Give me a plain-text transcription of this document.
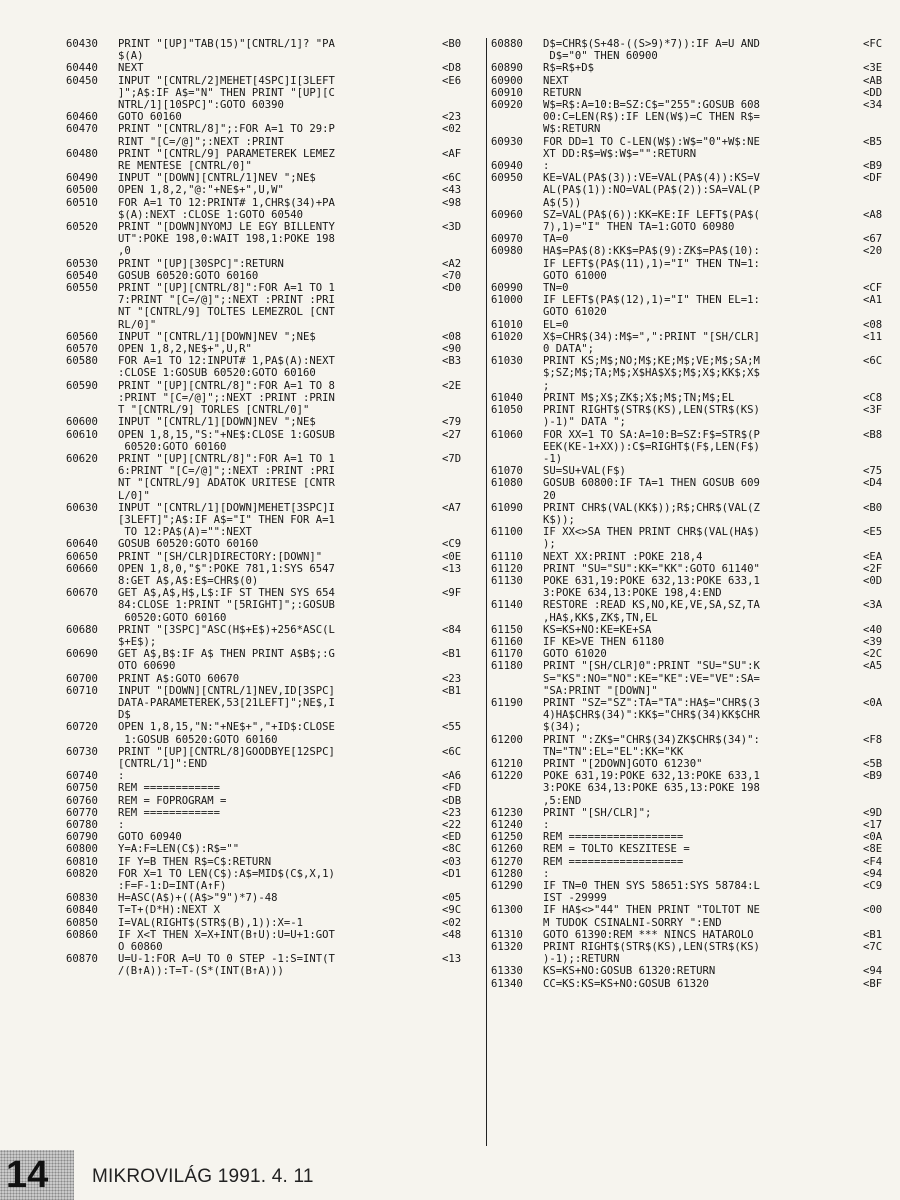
60430	PRINT "[UP]"TAB(15)"[CNTRL/1]? "PA	<B0
$(A)
60440	NEXT	<D8
60450	INPUT "[CNTRL/2]MEHET[4SPC]I[3LEFT	<E6
]";A$:IF A$="N" THEN PRINT "[UP][C
NTRL/1][10SPC]":GOTO 60390
60460	GOTO 60160	<23
60470	PRINT "[CNTRL/8]";:FOR A=1 TO 29:P	<02
RINT "[C=/@]";:NEXT :PRINT
60480	PRINT "[CNTRL/9] PARAMETEREK LEMEZ	<AF
RE MENTESE [CNTRL/0]"
60490	INPUT "[DOWN][CNTRL/1]NEV ";NE$	<6C
60500	OPEN 1,8,2,"@:"+NE$+",U,W"	<43
60510	FOR A=1 TO 12:PRINT# 1,CHR$(34)+PA	<98
$(A):NEXT :CLOSE 1:GOTO 60540
60520	PRINT "[DOWN]NYOMJ LE EGY BILLENTY	<3D
UT":POKE 198,0:WAIT 198,1:POKE 198
,0
60530	PRINT "[UP][30SPC]":RETURN	<A2
60540	GOSUB 60520:GOTO 60160	<70
60550	PRINT "[UP][CNTRL/8]":FOR A=1 TO 1	<D0
7:PRINT "[C=/@]";:NEXT :PRINT :PRI
NT "[CNTRL/9] TOLTES LEMEZROL [CNT
RL/0]"
60560	INPUT "[CNTRL/1][DOWN]NEV ";NE$	<08
60570	OPEN 1,8,2,NE$+",U,R"	<90
60580	FOR A=1 TO 12:INPUT# 1,PA$(A):NEXT	<B3
:CLOSE 1:GOSUB 60520:GOTO 60160
60590	PRINT "[UP][CNTRL/8]":FOR A=1 TO 8	<2E
:PRINT "[C=/@]";:NEXT :PRINT :PRIN
T "[CNTRL/9] TORLES [CNTRL/0]"
60600	INPUT "[CNTRL/1][DOWN]NEV ";NE$	<79
60610	OPEN 1,8,15,"S:"+NE$:CLOSE 1:GOSUB	<27
60520:GOTO 60160
60620	PRINT "[UP][CNTRL/8]":FOR A=1 TO 1	<7D
6:PRINT "[C=/@]";:NEXT :PRINT :PRI
NT "[CNTRL/9] ADATOK URITESE [CNTR
L/0]"
60630	INPUT "[CNTRL/1][DOWN]MEHET[3SPC]I	<A7
[3LEFT]";A$:IF A$="I" THEN FOR A=1
TO 12:PA$(A)="":NEXT
60640	GOSUB 60520:GOTO 60160	<C9
60650	PRINT "[SH/CLR]DIRECTORY:[DOWN]"	<0E
60660	OPEN 1,8,0,"$":POKE 781,1:SYS 6547	<13
8:GET A$,A$:E$=CHR$(0)
60670	GET A$,A$,H$,L$:IF ST THEN SYS 654	<9F
84:CLOSE 1:PRINT "[5RIGHT]";:GOSUB
60520:GOTO 60160
60680	PRINT "[3SPC]"ASC(H$+E$)+256*ASC(L	<84
$+E$);
60690	GET A$,B$:IF A$ THEN PRINT A$B$;:G	<B1
OTO 60690
60700	PRINT A$:GOTO 60670	<23
60710	INPUT "[DOWN][CNTRL/1]NEV,ID[3SPC]	<B1
DATA-PARAMETEREK,53[21LEFT]";NE$,I
D$
60720	OPEN 1,8,15,"N:"+NE$+","+ID$:CLOSE	<55
1:GOSUB 60520:GOTO 60160
60730	PRINT "[UP][CNTRL/8]GOODBYE[12SPC]	<6C
[CNTRL/1]":END
60740	:	<A6
60750	REM ============	<FD
60760	REM = FOPROGRAM =	<DB
60770	REM ============	<23
60780	:	<22
60790	GOTO 60940	<ED
60800	Y=A:F=LEN(C$):R$=""	<8C
60810	IF Y=B THEN R$=C$:RETURN	<03
60820	FOR X=1 TO LEN(C$):A$=MID$(C$,X,1)	<D1
:F=F-1:D=INT(A↑F)
60830	H=ASC(A$)+((A$>"9")*7)-48	<05
60840	T=T+(D*H):NEXT X	<9C
60850	I=VAL(RIGHT$(STR$(B),1)):X=-1	<02
60860	IF X<T THEN X=X+INT(B↑U):U=U+1:GOT	<48
O 60860
60870	U=U-1:FOR A=U TO 0 STEP -1:S=INT(T	<13
/(B↑A)):T=T-(S*(INT(B↑A)))
60880	D$=CHR$(S+48-((S>9)*7)):IF A=U AND	<FC
D$="0" THEN 60900
60890	R$=R$+D$	<3E
60900	NEXT	<AB
60910	RETURN	<DD
60920	W$=R$:A=10:B=SZ:C$="255":GOSUB 608	<34
00:C=LEN(R$):IF LEN(W$)=C THEN R$=
W$:RETURN
60930	FOR DD=1 TO C-LEN(W$):W$="0"+W$:NE	<B5
XT DD:R$=W$:W$="":RETURN
60940	:	<B9
60950	KE=VAL(PA$(3)):VE=VAL(PA$(4)):KS=V	<DF
AL(PA$(1)):NO=VAL(PA$(2)):SA=VAL(P
A$(5))
60960	SZ=VAL(PA$(6)):KK=KE:IF LEFT$(PA$(	<A8
7),1)="I" THEN TA=1:GOTO 60980
60970	TA=0	<67
60980	HA$=PA$(8):KK$=PA$(9):ZK$=PA$(10):	<20
IF LEFT$(PA$(11),1)="I" THEN TN=1:
GOTO 61000
60990	TN=0	<CF
61000	IF LEFT$(PA$(12),1)="I" THEN EL=1:	<A1
GOTO 61020
61010	EL=0	<08
61020	X$=CHR$(34):M$=",":PRINT "[SH/CLR]	<11
0 DATA";
61030	PRINT KS;M$;NO;M$;KE;M$;VE;M$;SA;M	<6C
$;SZ;M$;TA;M$;X$HA$X$;M$;X$;KK$;X$
;
61040	PRINT M$;X$;ZK$;X$;M$;TN;M$;EL	<C8
61050	PRINT RIGHT$(STR$(KS),LEN(STR$(KS)	<3F
)-1)" DATA ";
61060	FOR XX=1 TO SA:A=10:B=SZ:F$=STR$(P	<B8
EEK(KE-1+XX)):C$=RIGHT$(F$,LEN(F$)
-1)
61070	SU=SU+VAL(F$)	<75
61080	GOSUB 60800:IF TA=1 THEN GOSUB 609	<D4
20
61090	PRINT CHR$(VAL(KK$));R$;CHR$(VAL(Z	<B0
K$));
61100	IF XX<>SA THEN PRINT CHR$(VAL(HA$)	<E5
);
61110	NEXT XX:PRINT :POKE 218,4	<EA
61120	PRINT "SU="SU":KK="KK":GOTO 61140"	<2F
61130	POKE 631,19:POKE 632,13:POKE 633,1	<0D
3:POKE 634,13:POKE 198,4:END
61140	RESTORE :READ KS,NO,KE,VE,SA,SZ,TA	<3A
,HA$,KK$,ZK$,TN,EL
61150	KS=KS+NO:KE=KE+SA	<40
61160	IF KE>VE THEN 61180	<39
61170	GOTO 61020	<2C
61180	PRINT "[SH/CLR]0":PRINT "SU="SU":K	<A5
S="KS":NO="NO":KE="KE":VE="VE":SA=
"SA:PRINT "[DOWN]"
61190	PRINT "SZ="SZ":TA="TA":HA$="CHR$(3	<0A
4)HA$CHR$(34)":KK$="CHR$(34)KK$CHR
$(34);
61200	PRINT ":ZK$="CHR$(34)ZK$CHR$(34)":	<F8
TN="TN":EL="EL":KK="KK
61210	PRINT "[2DOWN]GOTO 61230"	<5B
61220	POKE 631,19:POKE 632,13:POKE 633,1	<B9
3:POKE 634,13:POKE 635,13:POKE 198
,5:END
61230	PRINT "[SH/CLR]";	<9D
61240	:	<17
61250	REM ==================	<0A
61260	REM = TOLTO KESZITESE =	<8E
61270	REM ==================	<F4
61280	:	<94
61290	IF TN=0 THEN SYS 58651:SYS 58784:L	<C9
IST -29999
61300	IF HA$<>"44" THEN PRINT "TOLTOT NE	<00
M TUDOK CSINALNI-SORRY ":END
61310	GOTO 61390:REM *** NINCS HATAROLO	<B1
61320	PRINT RIGHT$(STR$(KS),LEN(STR$(KS)	<7C
)-1);:RETURN
61330	KS=KS+NO:GOSUB 61320:RETURN	<94
61340	CC=KS:KS=KS+NO:GOSUB 61320	<BF
14 MIKROVILÁG 1991. 4. 11
